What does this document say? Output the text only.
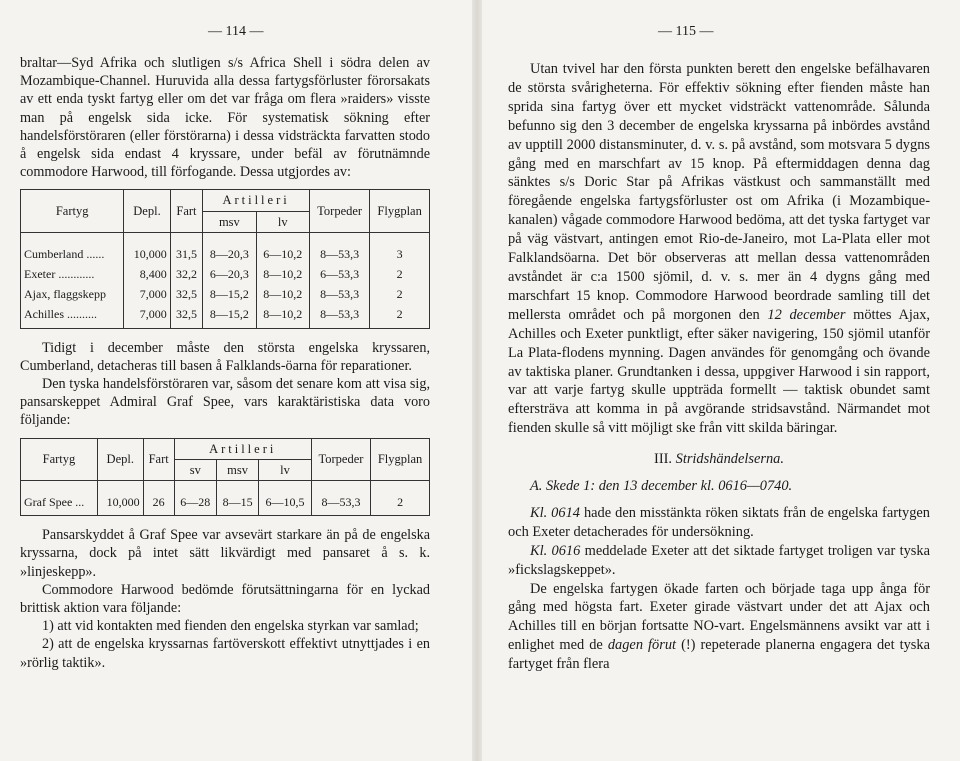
— 114 —

braltar—Syd Afrika och slutligen s/s Africa Shell i södra delen av Mozambique-Channel. Huruvida alla dessa fartygsförluster förorsakats av ett enda tyskt fartyg eller om det var fråga om flera »raiders» visste man på engelsk sida icke. För systematisk sökning efter handelsförstöraren (eller förstörarna) i dessa vidsträckta farvatten stodo å engelsk sida endast 4 kryssare, under befäl av förutnämnde commodore Harwood, till förfogande. Dessa utgjordes av:

Fartyg	Depl.	Fart	Artilleri		Torpeder	Flygplan
			msv	lv		
Cumberland ......	10,000	31,5	8—20,3	6—10,2	8—53,3	3
Exeter ............	8,400	32,2	6—20,3	8—10,2	6—53,3	2
Ajax, flaggskepp	7,000	32,5	8—15,2	8—10,2	8—53,3	2
Achilles ..........	7,000	32,5	8—15,2	8—10,2	8—53,3	2

Tidigt i december måste den största engelska kryssaren, Cumberland, detacheras till basen å Falklands-öarna för reparationer.

Den tyska handelsförstöraren var, såsom det senare kom att visa sig, pansarskeppet Admiral Graf Spee, vars karaktäristiska data voro följande:

Fartyg	Depl.	Fart	Artilleri			Torpeder	Flygplan
			sv	msv	lv		
Graf Spee ...	10,000	26	6—28	8—15	6—10,5	8—53,3	2

Pansarskyddet å Graf Spee var avsevärt starkare än på de engelska kryssarna, dock på intet sätt likvärdigt med pansaret å s. k. »linjeskepp».

Commodore Harwood bedömde förutsättningarna för en lyckad brittisk aktion vara följande:

1) att vid kontakten med fienden den engelska styrkan var samlad;

2) att de engelska kryssarnas fartöverskott effektivt utnyttjades i en »rörlig taktik».

— 115 —

Utan tvivel har den första punkten berett den engelske befälhavaren de största svårigheterna. För effektiv sökning efter fienden måste han sprida sina fartyg över ett mycket vidsträckt vattenområde. Sålunda befunno sig den 3 december de engelska kryssarna på inbördes avstånd av upptill 2000 distansminuter, d. v. s. på avstånd, som motsvara 5 dygns gång med en marschfart av 15 knop. På eftermiddagen denna dag sänktes s/s Doric Star på Afrikas västkust och sammanställt med föregående engelska fartygsförluster ost om Afrika (i Mozambique-kanalen) vågade commodore Harwood bedöma, att det tyska fartyget var på väg västvart, antingen emot Rio-de-Janeiro, mot La-Plata eller mot Falklandsöarna. Det bör observeras att mellan dessa vattenområden avståndet är c:a 1500 sjömil, d. v. s. mer än 4 dygns gång med marschfart 15 knop. Commodore Harwood beordrade samling till det mellersta området och på morgonen den 12 december möttes Ajax, Achilles och Exeter punktligt, efter säker navigering, 150 sjömil utanför La Plata-flodens mynning. Dagen användes för genomgång och övande av taktiska planer. Grundtanken i dessa, uppgiver Harwood i sin rapport, var att varje fartyg skulle uppträda formellt — taktisk obundet samt eftersträva att komma in på avgörande stridsavstånd. Närmandet mot fienden skulle så vitt möjligt ske från vitt skilda bäringar.

III. Stridshändelserna.
A. Skede 1: den 13 december kl. 0616—0740.

Kl. 0614 hade den misstänkta röken siktats från de engelska fartygen och Exeter detacherades för undersökning.

Kl. 0616 meddelade Exeter att det siktade fartyget troligen var tyska »fickslagskeppet».

De engelska fartygen ökade farten och började taga upp ånga för gång med högsta fart. Exeter girade västvart under det att Ajax och Achilles till en början fortsatte NO-vart. Engelsmännens avsikt var att i enlighet med de dagen förut (!) repeterade planerna engagera det tyska fartyget från flera
